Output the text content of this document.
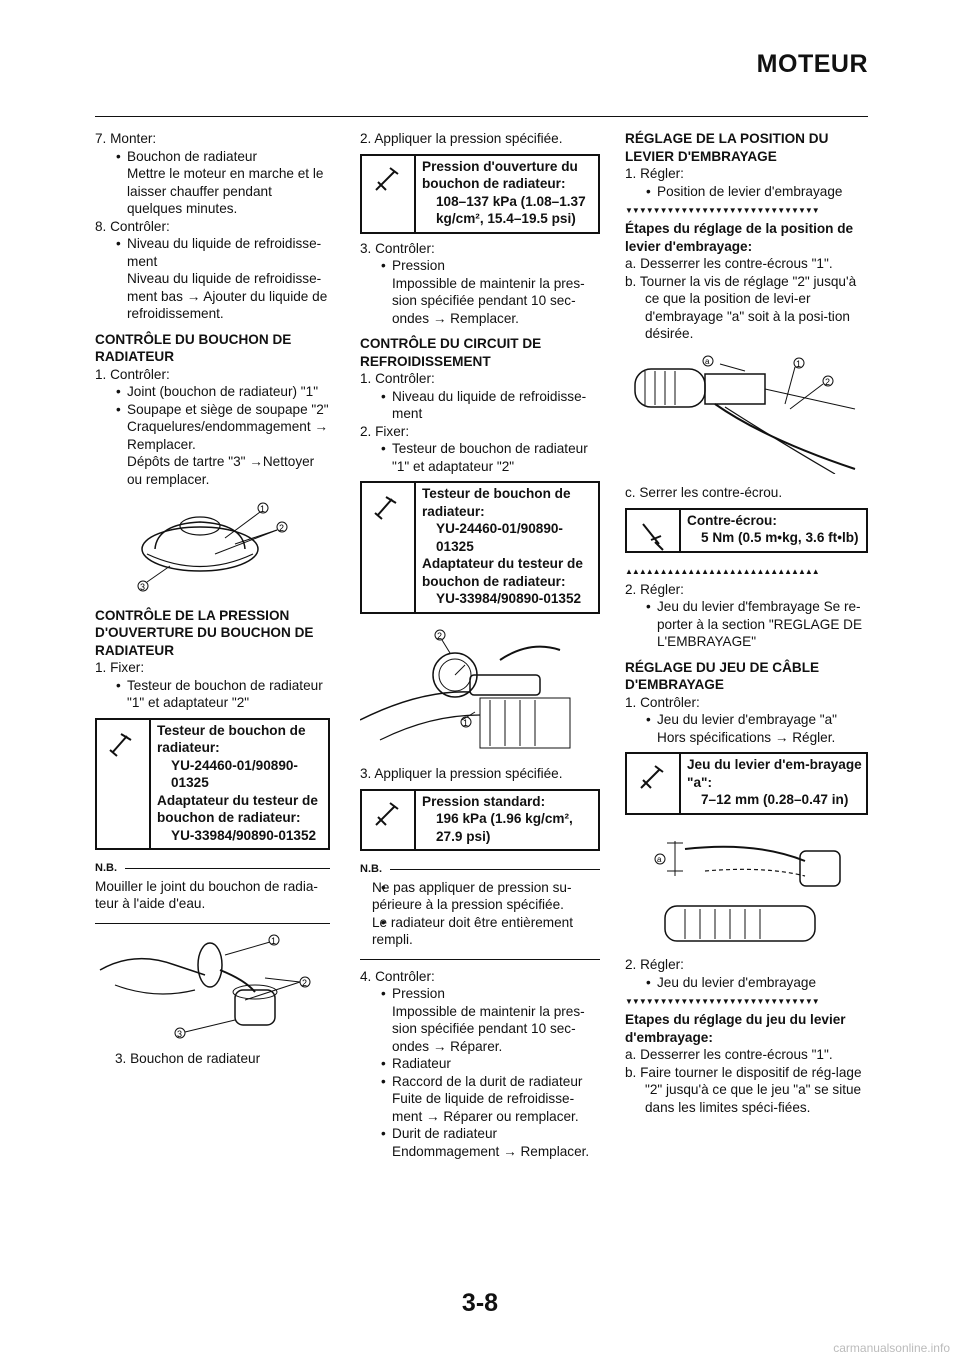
MOTEUR

7. Monter:

• Bouchon de radiateur

Mettre le moteur en marche et le laisser chauffer pendant quelques minutes.

8. Contrôler:

• Niveau du liquide de refroidisse-ment

Niveau du liquide de refroidisse-ment bas → Ajouter du liquide de refroidissement.

CONTRÔLE DU BOUCHON DE RADIATEUR

1. Contrôler:

• Joint (bouchon de radiateur) "1"

• Soupape et siège de soupape "2"

Craquelures/endommagement → Remplacer.

Dépôts de tartre "3" →Nettoyer ou remplacer.

1
2
3

CONTRÔLE DE LA PRESSION D'OUVERTURE DU BOUCHON DE RADIATEUR

1. Fixer:

• Testeur de bouchon de radiateur "1" et adaptateur "2"

Testeur de bouchon de radiateur:

YU-24460-01/90890-01325

Adaptateur du testeur de bouchon de radiateur:

YU-33984/90890-01352

N.B.

Mouiller le joint du bouchon de radia-teur à l'aide d'eau.

1
2
3

3. Bouchon de radiateur

2. Appliquer la pression spécifiée.

Pression d'ouverture du bouchon de radiateur:

108–137 kPa (1.08–1.37 kg/cm², 15.4–19.5 psi)

3. Contrôler:

• Pression

Impossible de maintenir la pres-sion spécifiée pendant 10 sec-ondes → Remplacer.

CONTRÔLE DU CIRCUIT DE REFROIDISSEMENT

1. Contrôler:

• Niveau du liquide de refroidisse-ment

2. Fixer:

• Testeur de bouchon de radiateur "1" et adaptateur "2"

Testeur de bouchon de radiateur:

YU-24460-01/90890-01325

Adaptateur du testeur de bouchon de radiateur:

YU-33984/90890-01352

2
1

3. Appliquer la pression spécifiée.

Pression standard:

196 kPa (1.96 kg/cm², 27.9 psi)

N.B.

• Ne pas appliquer de pression su-périeure à la pression spécifiée.

• Le radiateur doit être entièrement rempli.

4. Contrôler:

• Pression

Impossible de maintenir la pres-sion spécifiée pendant 10 sec-ondes → Réparer.

• Radiateur

• Raccord de la durit de radiateur

Fuite de liquide de refroidisse-ment → Réparer ou remplacer.

• Durit de radiateur

Endommagement → Remplacer.

RÉGLAGE DE LA POSITION DU LEVIER D'EMBRAYAGE

1. Régler:

• Position de levier d'embrayage

▼▼▼▼▼▼▼▼▼▼▼▼▼▼▼▼▼▼▼▼▼▼▼▼▼▼▼▼

Étapes du réglage de la position de levier d'embrayage:

a. Desserrer les contre-écrous "1".

b. Tourner la vis de réglage "2" jusqu'à ce que la position de levi-er d'embrayage "a" soit à la posi-tion désirée.

a	1
2

c. Serrer les contre-écrou.

Contre-écrou:

5 Nm (0.5 m•kg, 3.6 ft•lb)

▲▲▲▲▲▲▲▲▲▲▲▲▲▲▲▲▲▲▲▲▲▲▲▲▲▲▲▲

2. Régler:

• Jeu du levier d'fembrayage Se re-porter à la section "REGLAGE DE L'EMBRAYAGE"

RÉGLAGE DU JEU DE CÂBLE D'EMBRAYAGE

1. Contrôler:

• Jeu du levier d'embrayage "a"

Hors spécifications → Régler.

Jeu du levier d'em-brayage "a":

7–12 mm (0.28–0.47 in)

a

2. Régler:

• Jeu du levier d'embrayage

▼▼▼▼▼▼▼▼▼▼▼▼▼▼▼▼▼▼▼▼▼▼▼▼▼▼▼▼

Etapes du réglage du jeu du levier d'embrayage:

a. Desserrer les contre-écrous "1".

b. Faire tourner le dispositif de rég-lage "2" jusqu'à ce que le jeu "a" se situe dans les limites spéci-fiées.

3-8
carmanualsonline.info
